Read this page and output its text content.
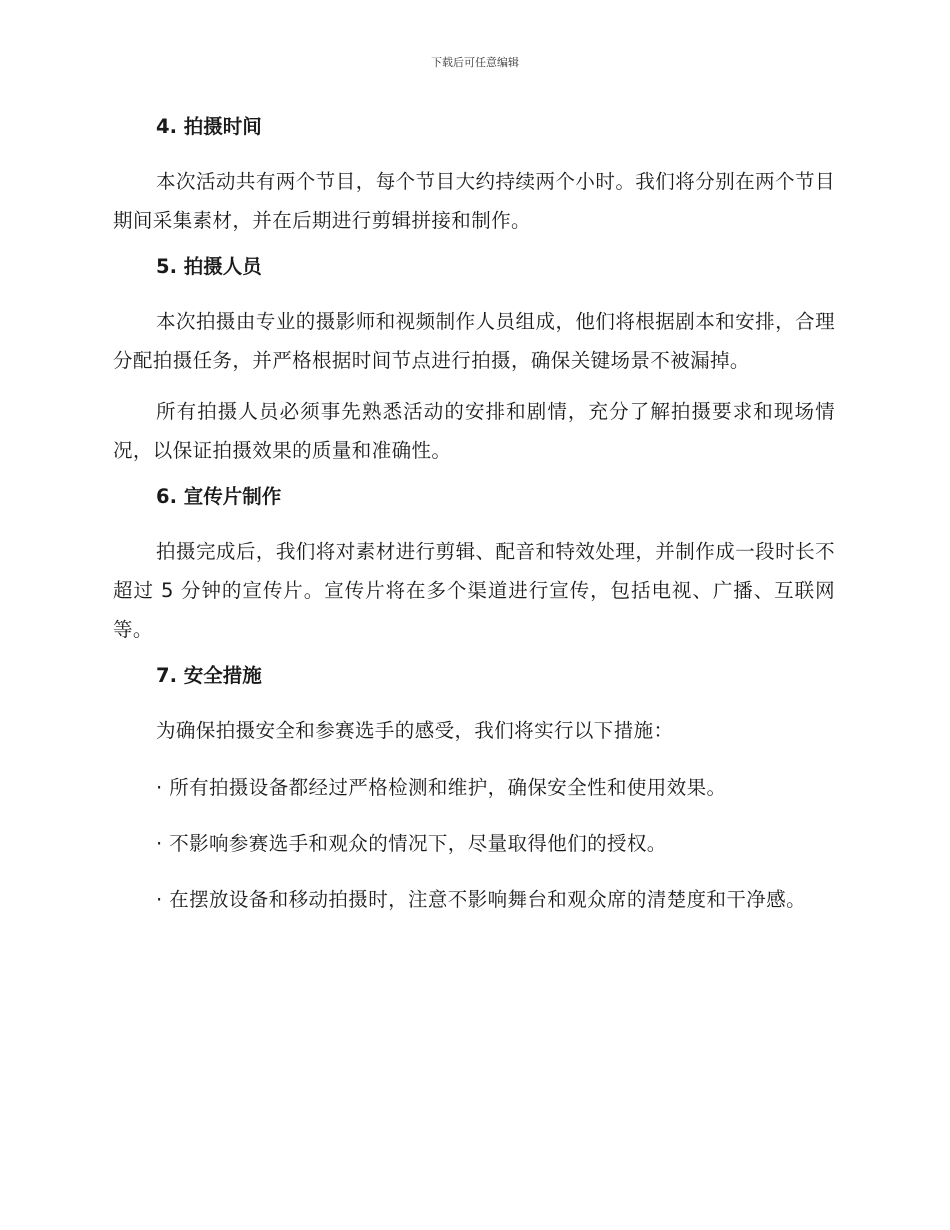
下载后可任意编辑
4. 拍摄时间

本次活动共有两个节目，每个节目大约持续两个小时。我们将分别在两个节目期间采集素材，并在后期进行剪辑拼接和制作。

5. 拍摄人员

本次拍摄由专业的摄影师和视频制作人员组成，他们将根据剧本和安排，合理分配拍摄任务，并严格根据时间节点进行拍摄，确保关键场景不被漏掉。

所有拍摄人员必须事先熟悉活动的安排和剧情，充分了解拍摄要求和现场情况，以保证拍摄效果的质量和准确性。

6. 宣传片制作

拍摄完成后，我们将对素材进行剪辑、配音和特效处理，并制作成一段时长不超过 5 分钟的宣传片。宣传片将在多个渠道进行宣传，包括电视、广播、互联网等。

7. 安全措施

为确保拍摄安全和参赛选手的感受，我们将实行以下措施：

· 所有拍摄设备都经过严格检测和维护，确保安全性和使用效果。

· 不影响参赛选手和观众的情况下，尽量取得他们的授权。

· 在摆放设备和移动拍摄时，注意不影响舞台和观众席的清楚度和干净感。
